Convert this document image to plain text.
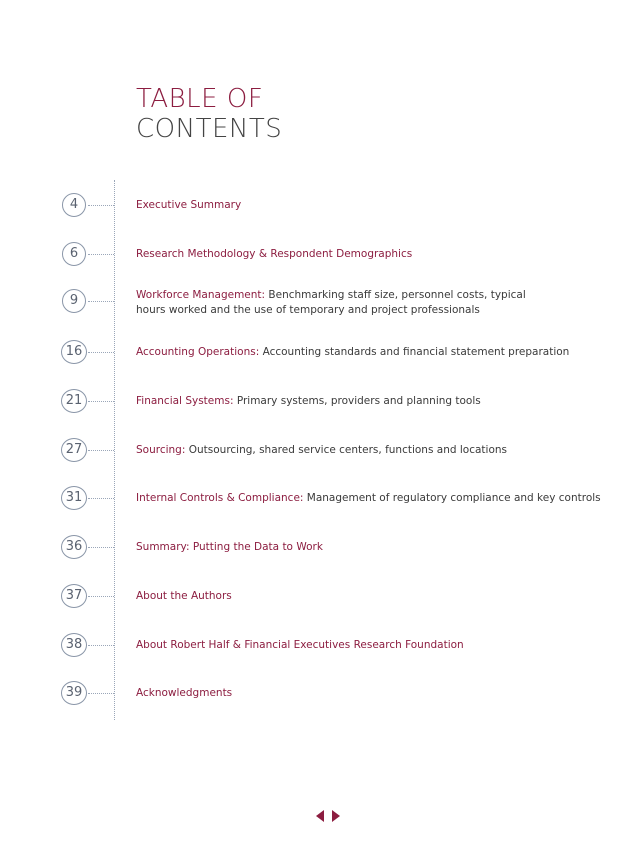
TABLE OF
CONTENTS
4	Executive Summary
6	Research Methodology & Respondent Demographics
9	Workforce Management: Benchmarking staff size, personnel costs, typical hours worked and the use of temporary and project professionals
16	Accounting Operations: Accounting standards and financial statement preparation
21	Financial Systems: Primary systems, providers and planning tools
27	Sourcing: Outsourcing, shared service centers, functions and locations
31	Internal Controls & Compliance: Management of regulatory compliance and key controls
36	Summary: Putting the Data to Work
37	About the Authors
38	About Robert Half & Financial Executives Research Foundation
39	Acknowledgments
